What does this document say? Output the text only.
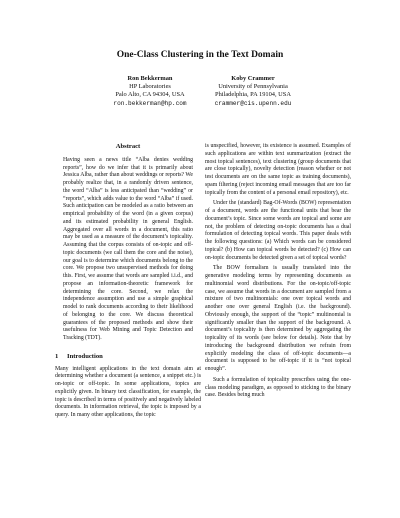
One-Class Clustering in the Text Domain
Ron Bekkerman
HP Laboratories
Palo Alto, CA 94304, USA
ron.bekkerman@hp.com
Koby Crammer
University of Pennsylvania
Philadelphia, PA 19104, USA
crammer@cis.upenn.edu
Abstract

Having seen a news title “Alba denies wedding reports”, how do we infer that it is primarily about Jessica Alba, rather than about weddings or reports? We probably realize that, in a randomly driven sentence, the word “Alba” is less anticipated than “wedding” or “reports”, which adds value to the word “Alba” if used. Such anticipation can be modeled as a ratio between an empirical probability of the word (in a given corpus) and its estimated probability in general English. Aggregated over all words in a document, this ratio may be used as a measure of the document’s topicality. Assuming that the corpus consists of on-topic and off-topic documents (we call them the core and the noise), our goal is to determine which documents belong to the core. We propose two unsupervised methods for doing this. First, we assume that words are sampled i.i.d., and propose an information-theoretic framework for determining the core. Second, we relax the independence assumption and use a simple graphical model to rank documents according to their likelihood of belonging to the core. We discuss theoretical guarantees of the proposed methods and show their usefulness for Web Mining and Topic Detection and Tracking (TDT).

1 Introduction

Many intelligent applications in the text domain aim at determining whether a document (a sentence, a snippet etc.) is on-topic or off-topic. In some applications, topics are explicitly given. In binary text classification, for example, the topic is described in terms of positively and negatively labeled documents. In information retrieval, the topic is imposed by a query. In many other applications, the topic

is unspecified, however, its existence is assumed. Examples of such applications are within text summarization (extract the most topical sentences), text clustering (group documents that are close topically), novelty detection (reason whether or not test documents are on the same topic as training documents), spam filtering (reject incoming email messages that are too far topically from the content of a personal email repository), etc.

Under the (standard) Bag-Of-Words (BOW) representation of a document, words are the functional units that bear the document’s topic. Since some words are topical and some are not, the problem of detecting on-topic documents has a dual formulation of detecting topical words. This paper deals with the following questions: (a) Which words can be considered topical? (b) How can topical words be detected? (c) How can on-topic documents be detected given a set of topical words?

The BOW formalism is usually translated into the generative modeling terms by representing documents as multinomial word distributions. For the on-topic/off-topic case, we assume that words in a document are sampled from a mixture of two multinomials: one over topical words and another one over general English (i.e. the background). Obviously enough, the support of the “topic” multinomial is significantly smaller than the support of the background. A document’s topicality is then determined by aggregating the topicality of its words (see below for details). Note that by introducing the background distribution we refrain from explicitly modeling the class of off-topic documents—a document is supposed to be off-topic if it is “not topical enough”.

Such a formulation of topicality prescribes using the one-class modeling paradigm, as opposed to sticking to the binary case. Besides being much
